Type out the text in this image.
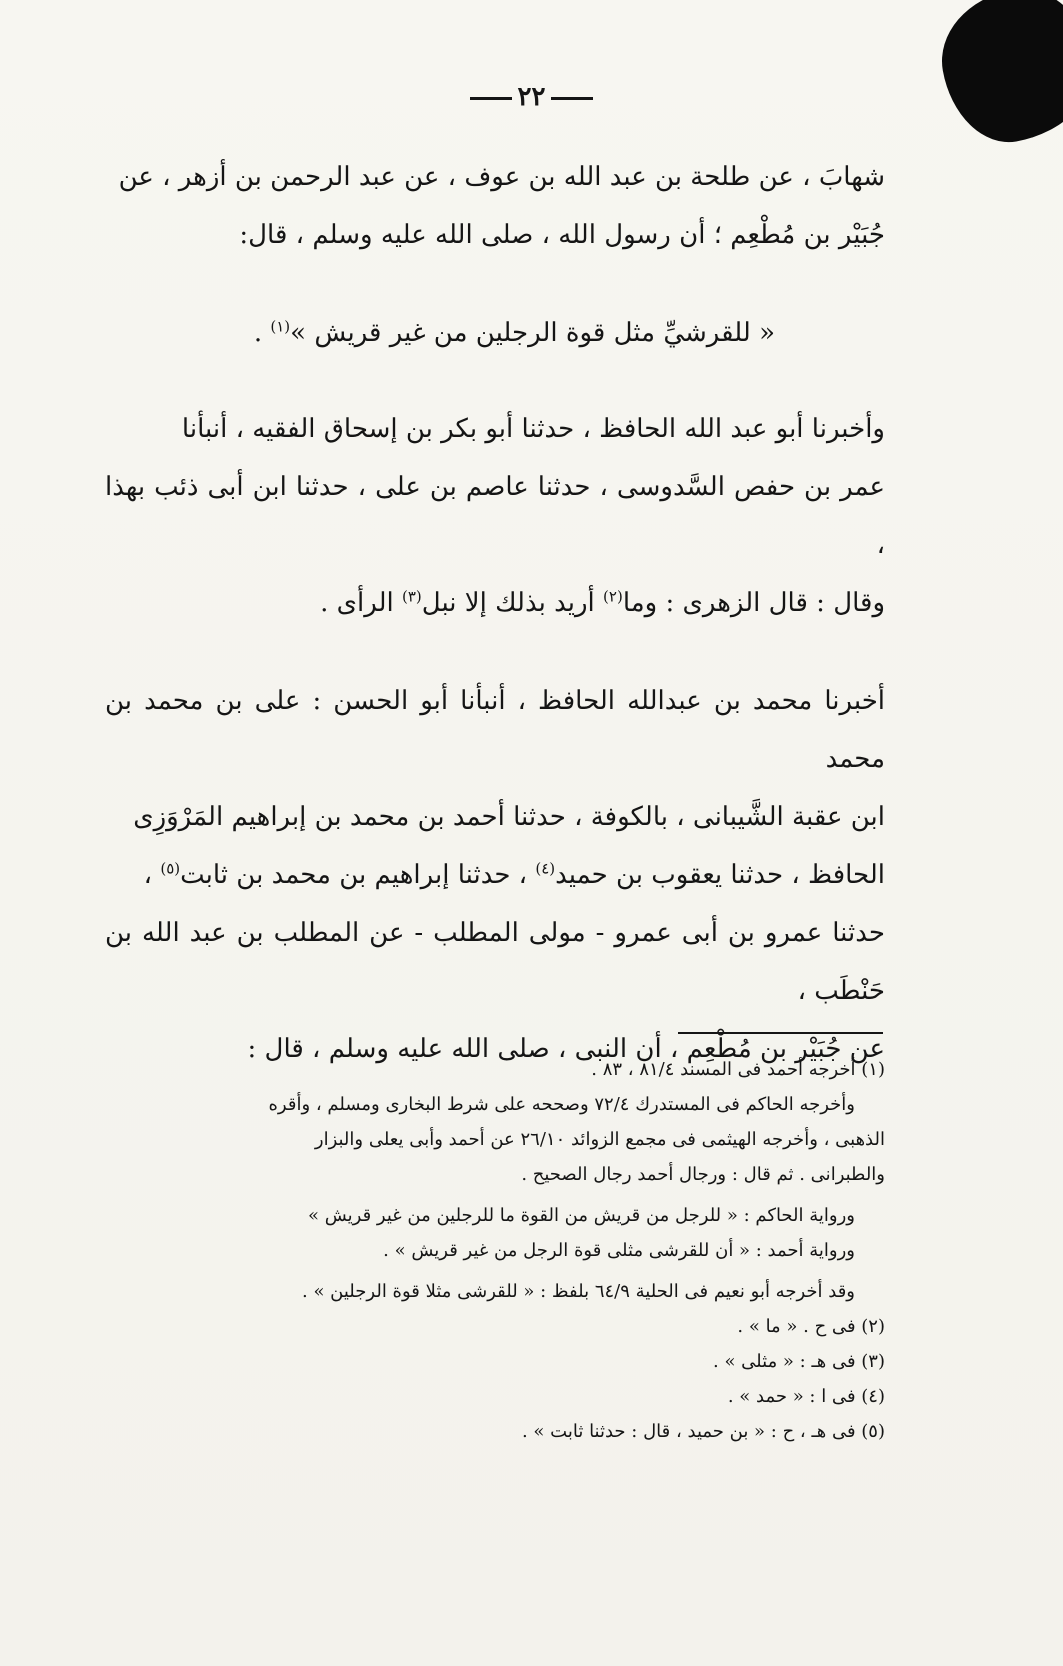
٢٢

شهابَ ، عن طلحة بن عبد الله بن عوف ، عن عبد الرحمن بن أزهر ، عن

جُبَيْر بن مُطْعِم ؛ أن رسول الله ، صلى الله عليه وسلم ، قال:

« للقرشيِّ مثل قوة الرجلين من غير قريش »$^{(١)}$ .

وأخبرنا أبو عبد الله الحافظ ، حدثنا أبو بكر بن إسحاق الفقيه ، أنبأنا

عمر بن حفص السَّدوسى ، حدثنا عاصم بن على ، حدثنا ابن أبى ذئب بهذا ،

وقال : قال الزهرى : وما$^{(٢)}$ أريد بذلك إلا نبل$^{(٣)}$ الرأى .

أخبرنا محمد بن عبدالله الحافظ ، أنبأنا أبو الحسن : على بن محمد بن محمد

ابن عقبة الشَّيبانى ، بالكوفة ، حدثنا أحمد بن محمد بن إبراهيم المَرْوَزِى

الحافظ ، حدثنا يعقوب بن حميد$^{(٤)}$ ، حدثنا إبراهيم بن محمد بن ثابت$^{(٥)}$ ،

حدثنا عمرو بن أبى عمرو - مولى المطلب - عن المطلب بن عبد الله بن حَنْطَب ،

عن جُبَيْر بن مُطْعِم ، أن النبى ، صلى الله عليه وسلم ، قال :

(١) أخرجه أحمد فى المسند ٨١/٤ ، ٨٣ .

وأخرجه الحاكم فى المستدرك ٧٢/٤ وصححه على شرط البخارى ومسلم ، وأقره

الذهبى ، وأخرجه الهيثمى فى مجمع الزوائد ٢٦/١٠ عن أحمد وأبى يعلى والبزار

والطبرانى . ثم قال : ورجال أحمد رجال الصحيح .

ورواية الحاكم : « للرجل من قريش من القوة ما للرجلين من غير قريش »

ورواية أحمد : « أن للقرشى مثلى قوة الرجل من غير قريش » .

وقد أخرجه أبو نعيم فى الحلية ٦٤/٩ بلفظ : « للقرشى مثلا قوة الرجلين » .

(٢) فى ح . « ما » .

(٣) فى هـ : « مثلى » .

(٤) فى ا : « حمد » .

(٥) فى هـ ، ح : « بن حميد ، قال : حدثنا ثابت » .
